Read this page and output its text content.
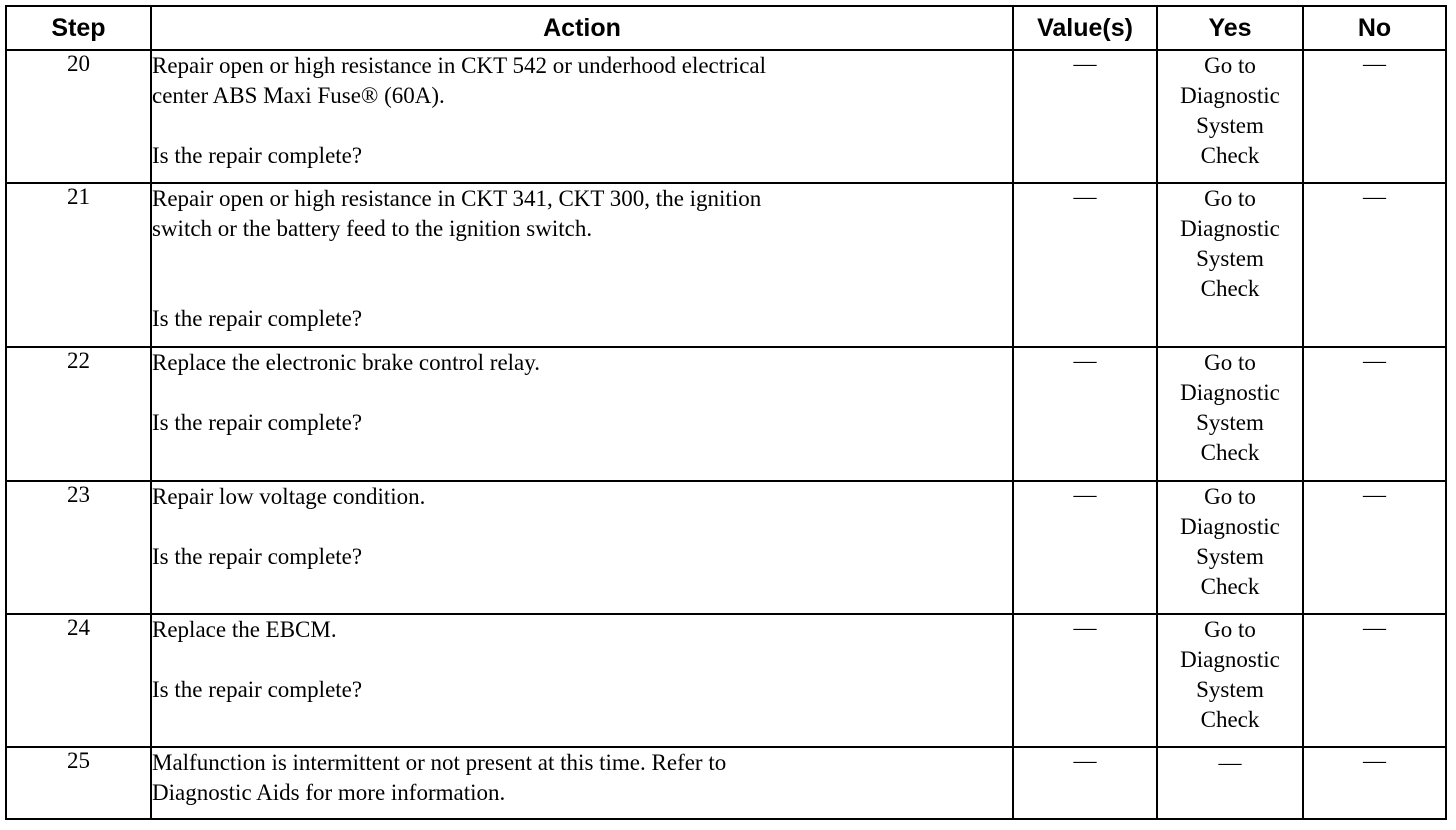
Step	Action	Value(s)	Yes	No
20	Repair open or high resistance in CKT 542 or underhood electrical
center ABS Maxi Fuse® (60A).
Is the repair complete?	—	Go to
Diagnostic
System
Check	—
21	Repair open or high resistance in CKT 341, CKT 300, the ignition
switch or the battery feed to the ignition switch.
Is the repair complete?	—	Go to
Diagnostic
System
Check	—
22	Replace the electronic brake control relay.
Is the repair complete?	—	Go to
Diagnostic
System
Check	—
23	Repair low voltage condition.
Is the repair complete?	—	Go to
Diagnostic
System
Check	—
24	Replace the EBCM.
Is the repair complete?	—	Go to
Diagnostic
System
Check	—
25	Malfunction is intermittent or not present at this time. Refer to
Diagnostic Aids for more information.	—	—	—
